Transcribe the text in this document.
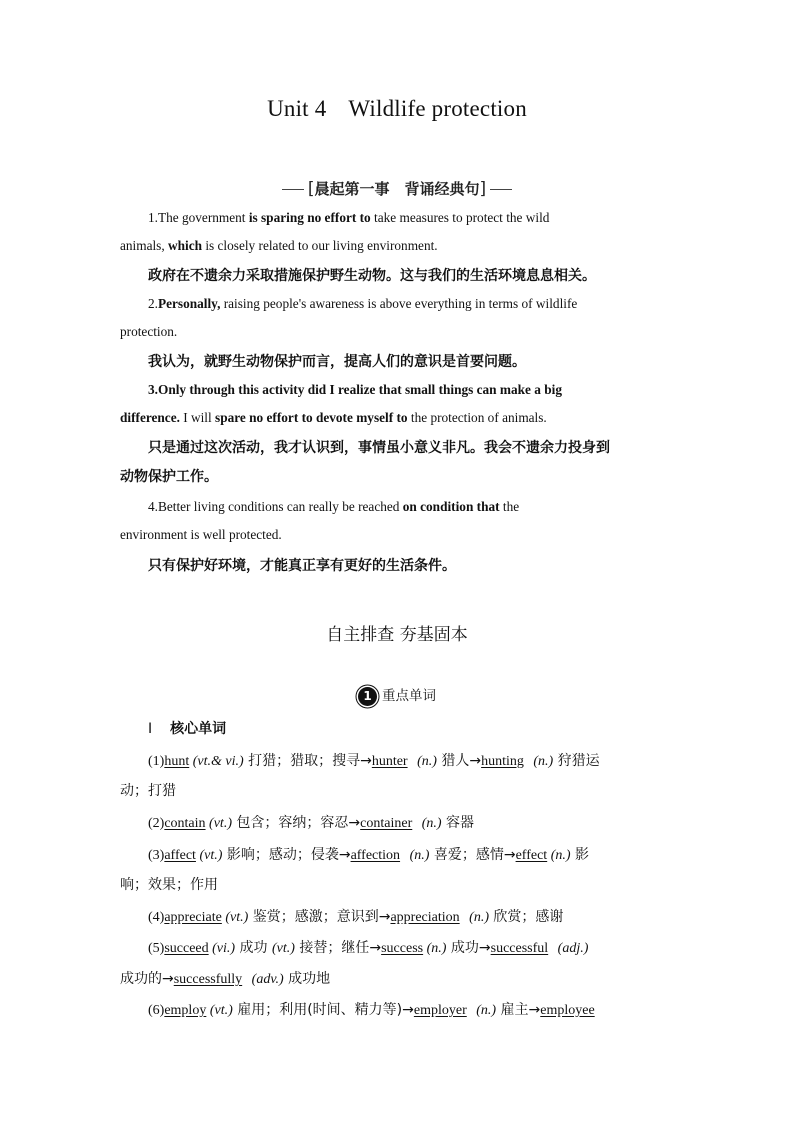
Unit 4 Wildlife protection
[晨起第一事　背诵经典句]
1.The government is sparing no effort to take measures to protect the wild
animals, which is closely related to our living environment.
政府在不遗余力采取措施保护野生动物。这与我们的生活环境息息相关。
2.Personally, raising people's awareness is above everything in terms of wildlife
protection.
我认为，就野生动物保护而言，提高人们的意识是首要问题。
3.Only through this activity did I realize that small things can make a big
difference. I will spare no effort to devote myself to the protection of animals.
只是通过这次活动，我才认识到，事情虽小意义非凡。我会不遗余力投身到
动物保护工作。
4.Better living conditions can really be reached on condition that the
environment is well protected.
只有保护好环境，才能真正享有更好的生活条件。
自主排查 夯基固本
1 重点单词
Ⅰ 核心单词
(1)hunt (vt.& vi.) 打猎；猎取；搜寻→hunter (n.) 猎人→hunting (n.) 狩猎运
动；打猎
(2)contain (vt.) 包含；容纳；容忍→container (n.) 容器
(3)affect (vt.) 影响；感动；侵袭→affection (n.) 喜爱；感情→effect (n.) 影
响；效果；作用
(4)appreciate (vt.) 鉴赏；感激；意识到→appreciation (n.) 欣赏；感谢
(5)succeed (vi.) 成功 (vt.) 接替；继任→success (n.) 成功→successful (adj.)
成功的→successfully (adv.) 成功地
(6)employ (vt.) 雇用；利用(时间、精力等)→employer (n.) 雇主→employee
